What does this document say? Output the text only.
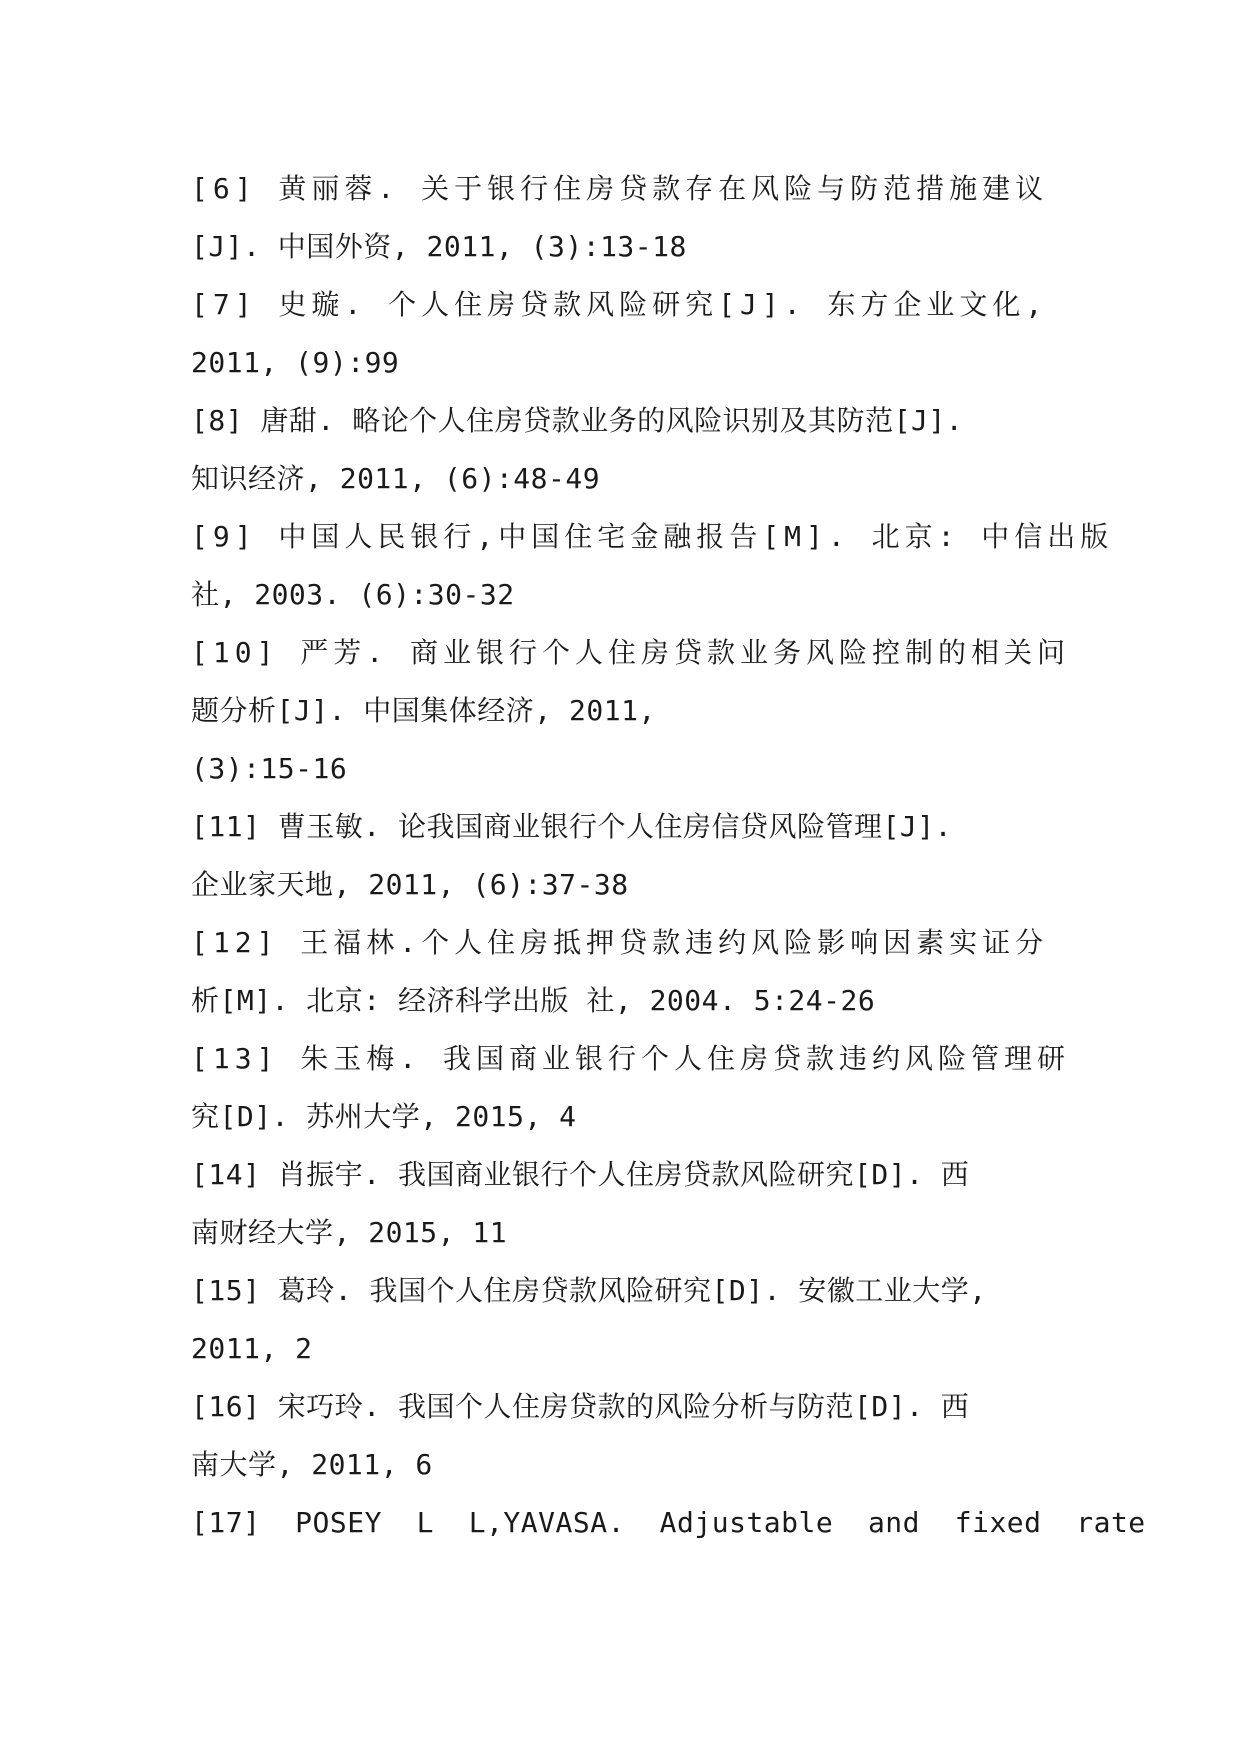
[6] 黄丽蓉. 关于银行住房贷款存在风险与防范措施建议
[J]. 中国外资, 2011, (3):13-18
[7] 史璇. 个人住房贷款风险研究[J]. 东方企业文化,
2011, (9):99
[8] 唐甜. 略论个人住房贷款业务的风险识别及其防范[J].
知识经济, 2011, (6):48-49
[9] 中国人民银行,中国住宅金融报告[M]. 北京: 中信出版
社, 2003. (6):30-32
[10] 严芳. 商业银行个人住房贷款业务风险控制的相关问
题分析[J]. 中国集体经济, 2011,
(3):15-16
[11] 曹玉敏. 论我国商业银行个人住房信贷风险管理[J].
企业家天地, 2011, (6):37-38
[12] 王福林.个人住房抵押贷款违约风险影响因素实证分
析[M]. 北京: 经济科学出版 社, 2004. 5:24-26
[13] 朱玉梅. 我国商业银行个人住房贷款违约风险管理研
究[D]. 苏州大学, 2015, 4
[14] 肖振宇. 我国商业银行个人住房贷款风险研究[D]. 西
南财经大学, 2015, 11
[15] 葛玲. 我国个人住房贷款风险研究[D]. 安徽工业大学,
2011, 2
[16] 宋巧玲. 我国个人住房贷款的风险分析与防范[D]. 西
南大学, 2011, 6
[17]  POSEY  L  L,YAVASA.  Adjustable  and  fixed  rate
